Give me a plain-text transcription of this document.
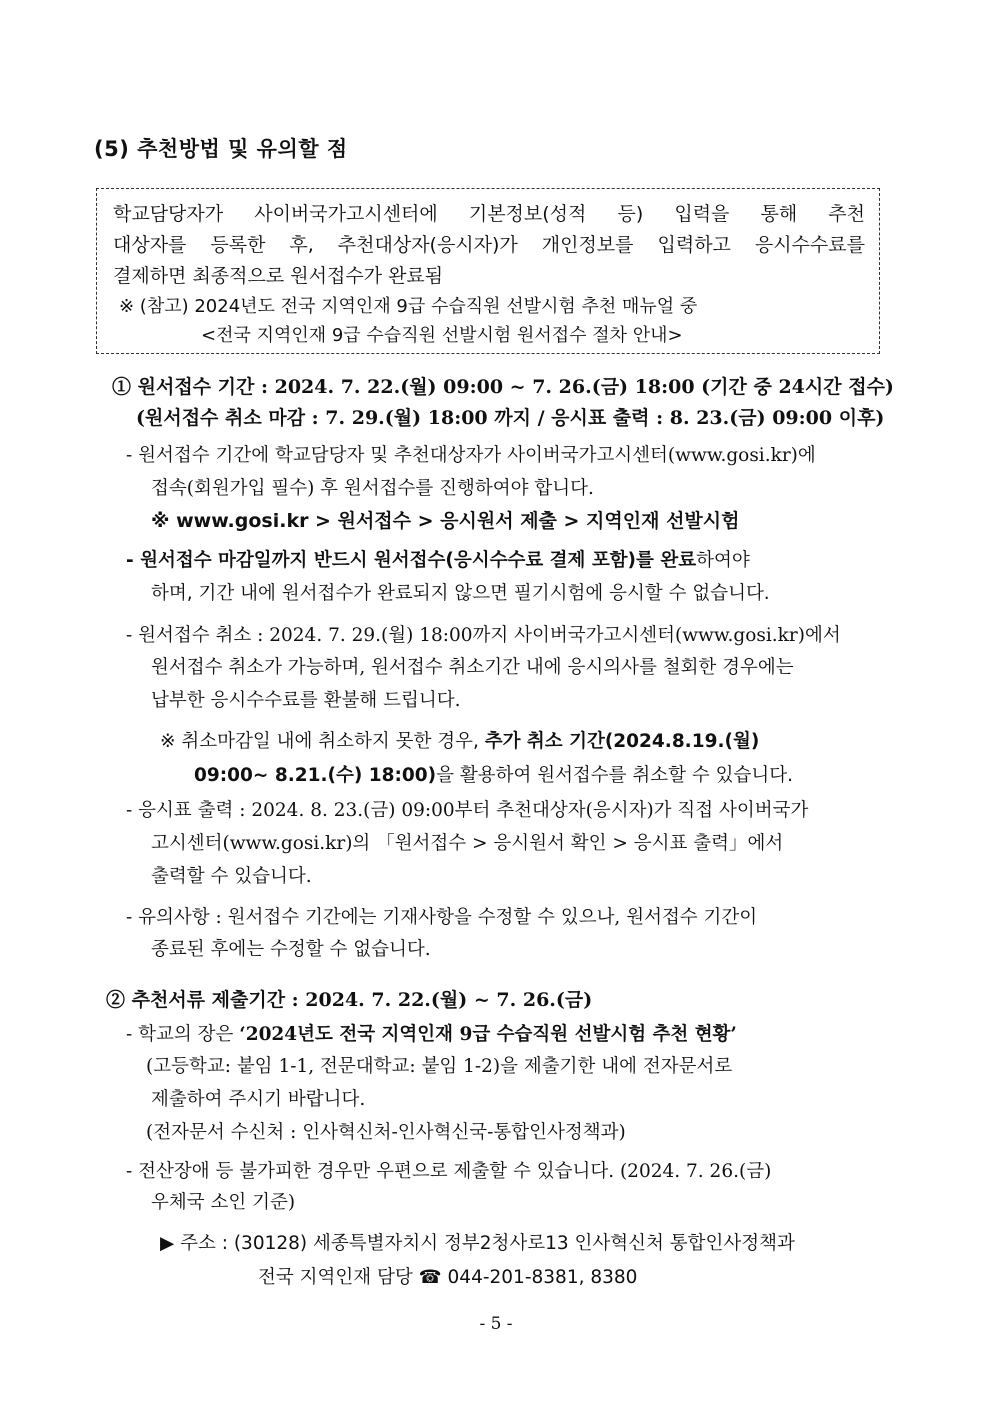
(5) 추천방법 및 유의할 점
학교담당자가 사이버국가고시센터에 기본정보(성적 등) 입력을 통해 추천
대상자를 등록한 후, 추천대상자(응시자)가 개인정보를 입력하고 응시수수료를
결제하면 최종적으로 원서접수가 완료됨
※ (참고) 2024년도 전국 지역인재 9급 수습직원 선발시험 추천 매뉴얼 중
<전국 지역인재 9급 수습직원 선발시험 원서접수 절차 안내>
① 원서접수 기간 : 2024. 7. 22.(월) 09:00 ~ 7. 26.(금) 18:00 (기간 중 24시간 접수)
(원서접수 취소 마감 : 7. 29.(월) 18:00 까지 / 응시표 출력 : 8. 23.(금) 09:00 이후)
- 원서접수 기간에 학교담당자 및 추천대상자가 사이버국가고시센터(www.gosi.kr)에
접속(회원가입 필수) 후 원서접수를 진행하여야 합니다.
※ www.gosi.kr > 원서접수 > 응시원서 제출 > 지역인재 선발시험
- 원서접수 마감일까지 반드시 원서접수(응시수수료 결제 포함)를 완료하여야
하며, 기간 내에 원서접수가 완료되지 않으면 필기시험에 응시할 수 없습니다.
- 원서접수 취소 : 2024. 7. 29.(월) 18:00까지 사이버국가고시센터(www.gosi.kr)에서
원서접수 취소가 가능하며, 원서접수 취소기간 내에 응시의사를 철회한 경우에는
납부한 응시수수료를 환불해 드립니다.
※ 취소마감일 내에 취소하지 못한 경우, 추가 취소 기간(2024.8.19.(월)
09:00~ 8.21.(수) 18:00)을 활용하여 원서접수를 취소할 수 있습니다.
- 응시표 출력 : 2024. 8. 23.(금) 09:00부터 추천대상자(응시자)가 직접 사이버국가
고시센터(www.gosi.kr)의 「원서접수 > 응시원서 확인 > 응시표 출력」에서
출력할 수 있습니다.
- 유의사항 : 원서접수 기간에는 기재사항을 수정할 수 있으나, 원서접수 기간이
종료된 후에는 수정할 수 없습니다.
② 추천서류 제출기간 : 2024. 7. 22.(월) ~ 7. 26.(금)
- 학교의 장은 ‘2024년도 전국 지역인재 9급 수습직원 선발시험 추천 현황’
(고등학교: 붙임 1-1, 전문대학교: 붙임 1-2)을 제출기한 내에 전자문서로
제출하여 주시기 바랍니다.
(전자문서 수신처 : 인사혁신처-인사혁신국-통합인사정책과)
- 전산장애 등 불가피한 경우만 우편으로 제출할 수 있습니다. (2024. 7. 26.(금)
우체국 소인 기준)
▶ 주소 : (30128) 세종특별자치시 정부2청사로13 인사혁신처 통합인사정책과
전국 지역인재 담당 ☎ 044-201-8381, 8380
- 5 -
